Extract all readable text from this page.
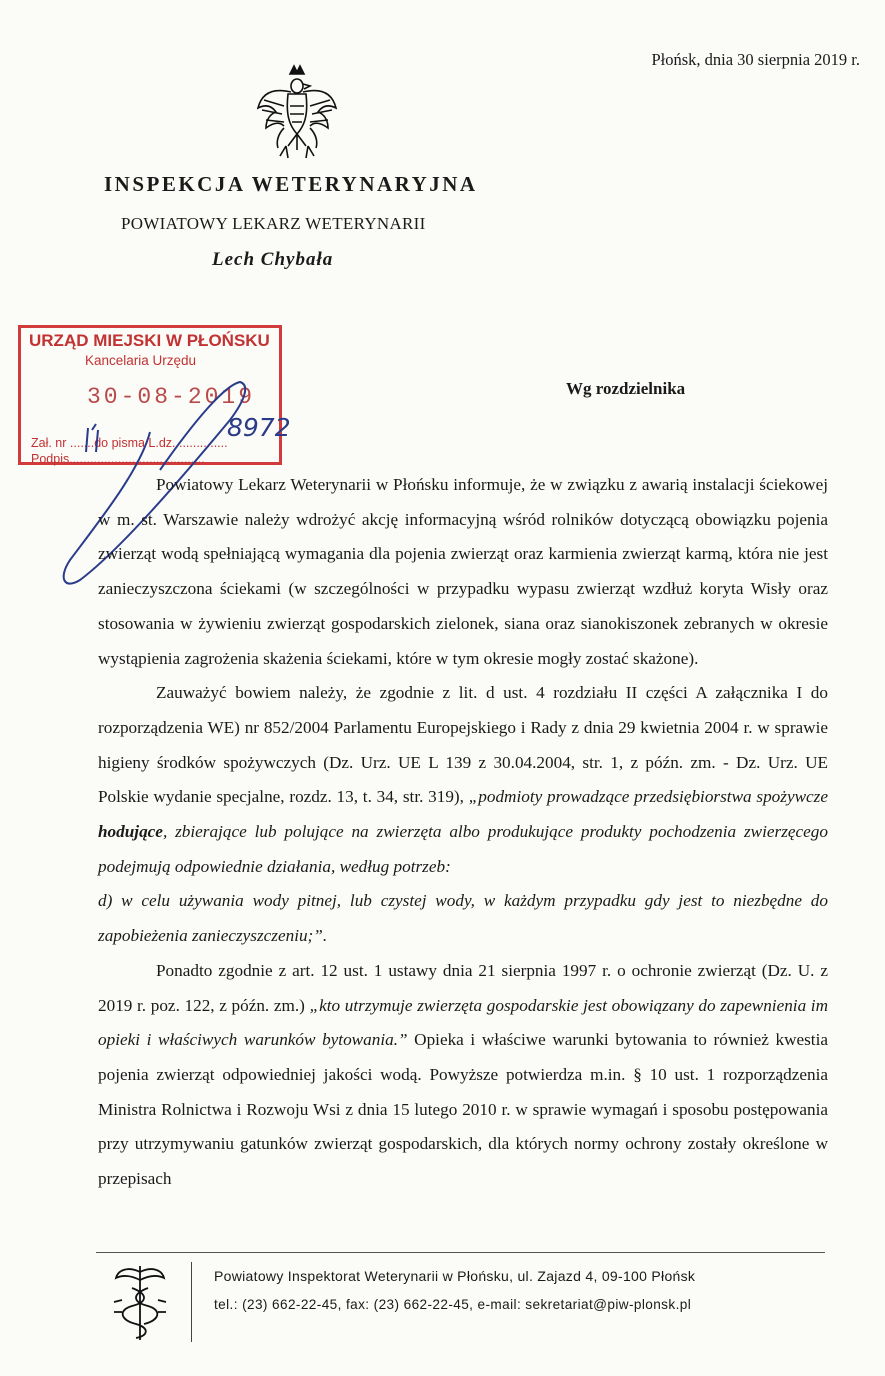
Płońsk, dnia 30 sierpnia 2019 r.
INSPEKCJA WETERYNARYJNA
POWIATOWY LEKARZ WETERYNARII
Lech Chybała
URZĄD MIEJSKI W PŁOŃSKU
Kancelaria Urzędu
30-08-2019
Zał. nr .......do pisma L.dz. ..............
Podpis.......................................
8972
Wg rozdzielnika

Powiatowy Lekarz Weterynarii w Płońsku informuje, że w związku z awarią instalacji ściekowej w m. st. Warszawie należy wdrożyć akcję informacyjną wśród rolników dotyczącą obowiązku pojenia zwierząt wodą spełniającą wymagania dla pojenia zwierząt oraz karmienia zwierząt karmą, która nie jest zanieczyszczona ściekami (w szczególności w przypadku wypasu zwierząt wzdłuż koryta Wisły oraz stosowania w żywieniu zwierząt gospodarskich zielonek, siana oraz sianokiszonek zebranych w okresie wystąpienia zagrożenia skażenia ściekami, które w tym okresie mogły zostać skażone).

Zauważyć bowiem należy, że zgodnie z lit. d ust. 4 rozdziału II części A załącznika I do rozporządzenia WE) nr 852/2004 Parlamentu Europejskiego i Rady z dnia 29 kwietnia 2004 r. w sprawie higieny środków spożywczych (Dz. Urz. UE L 139 z 30.04.2004, str. 1, z późn. zm. - Dz. Urz. UE Polskie wydanie specjalne, rozdz. 13, t. 34, str. 319), „podmioty prowadzące przedsiębiorstwa spożywcze hodujące, zbierające lub polujące na zwierzęta albo produkujące produkty pochodzenia zwierzęcego podejmują odpowiednie działania, według potrzeb:

d) w celu używania wody pitnej, lub czystej wody, w każdym przypadku gdy jest to niezbędne do zapobieżenia zanieczyszczeniu;”.

Ponadto zgodnie z art. 12 ust. 1 ustawy dnia 21 sierpnia 1997 r. o ochronie zwierząt (Dz. U. z 2019 r. poz. 122, z późn. zm.) „kto utrzymuje zwierzęta gospodarskie jest obowiązany do zapewnienia im opieki i właściwych warunków bytowania.” Opieka i właściwe warunki bytowania to również kwestia pojenia zwierząt odpowiedniej jakości wodą. Powyższe potwierdza m.in. § 10 ust. 1 rozporządzenia Ministra Rolnictwa i Rozwoju Wsi z dnia 15 lutego 2010 r. w sprawie wymagań i sposobu postępowania przy utrzymywaniu gatunków zwierząt gospodarskich, dla których normy ochrony zostały określone w przepisach

Powiatowy Inspektorat Weterynarii w Płońsku, ul. Zajazd 4, 09-100 Płońsk
tel.: (23) 662-22-45, fax: (23) 662-22-45, e-mail: sekretariat@piw-plonsk.pl
